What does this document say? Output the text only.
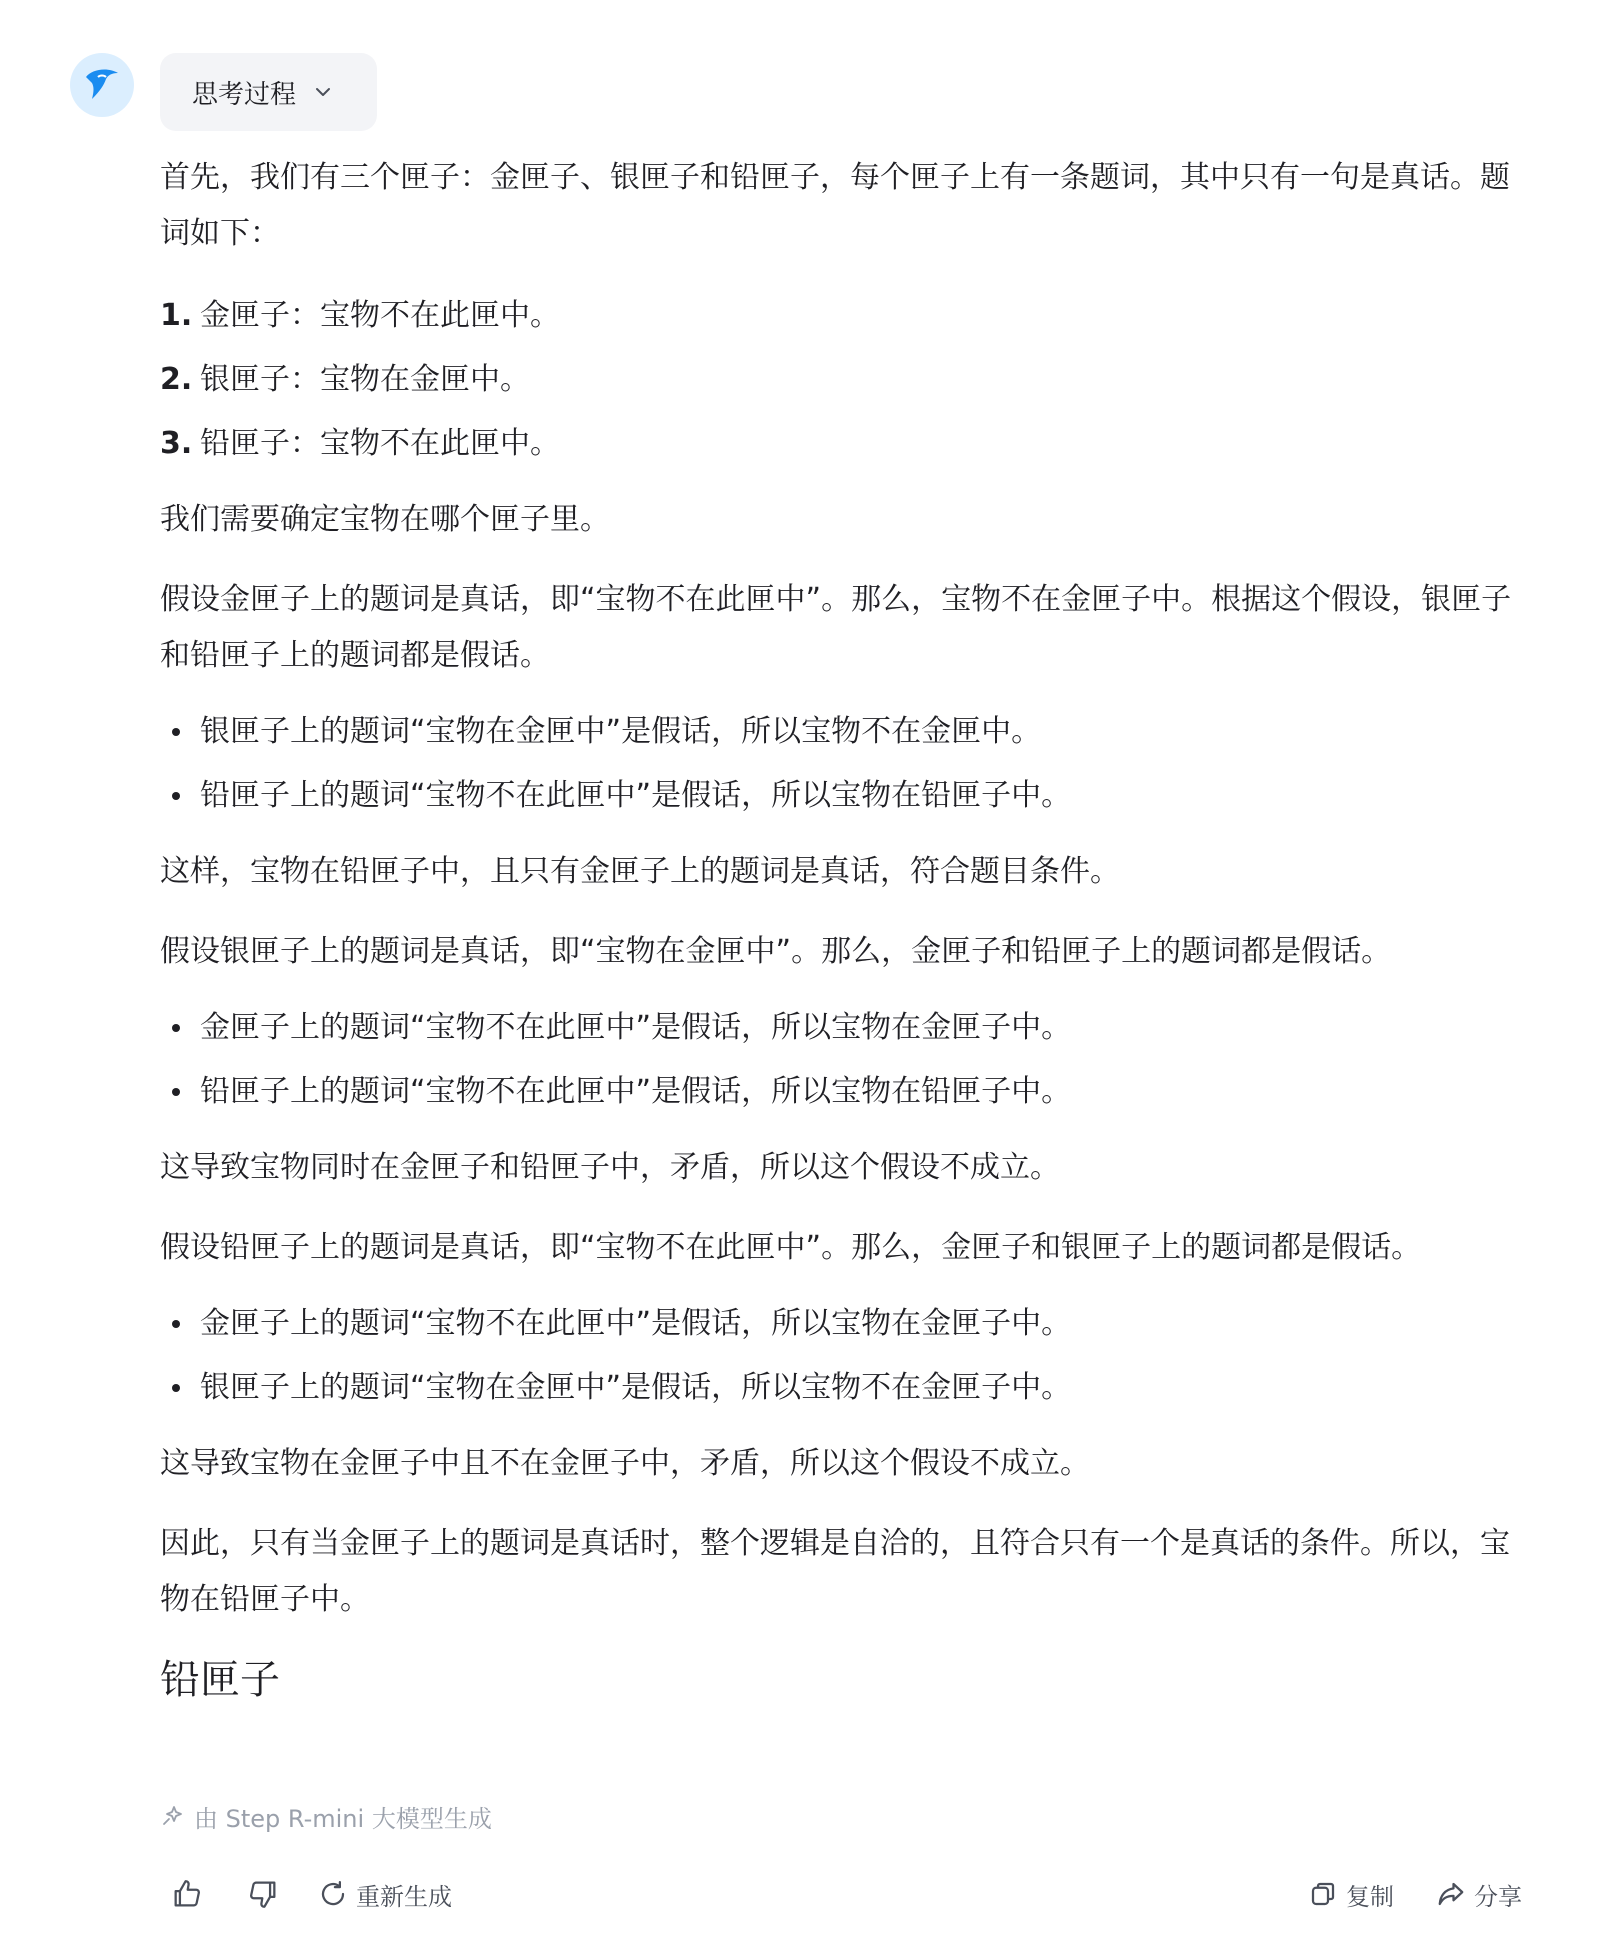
思考过程

首先，我们有三个匣子：金匣子、银匣子和铅匣子，每个匣子上有一条题词，其中只有一句是真话。题词如下：

1. 金匣子：宝物不在此匣中。
2. 银匣子：宝物在金匣中。
3. 铅匣子：宝物不在此匣中。

我们需要确定宝物在哪个匣子里。

假设金匣子上的题词是真话，即“宝物不在此匣中”。那么，宝物不在金匣子中。根据这个假设，银匣子和铅匣子上的题词都是假话。

银匣子上的题词“宝物在金匣中”是假话，所以宝物不在金匣中。
铅匣子上的题词“宝物不在此匣中”是假话，所以宝物在铅匣子中。

这样，宝物在铅匣子中，且只有金匣子上的题词是真话，符合题目条件。

假设银匣子上的题词是真话，即“宝物在金匣中”。那么，金匣子和铅匣子上的题词都是假话。

金匣子上的题词“宝物不在此匣中”是假话，所以宝物在金匣子中。
铅匣子上的题词“宝物不在此匣中”是假话，所以宝物在铅匣子中。

这导致宝物同时在金匣子和铅匣子中，矛盾，所以这个假设不成立。

假设铅匣子上的题词是真话，即“宝物不在此匣中”。那么，金匣子和银匣子上的题词都是假话。

金匣子上的题词“宝物不在此匣中”是假话，所以宝物在金匣子中。
银匣子上的题词“宝物在金匣中”是假话，所以宝物不在金匣子中。

这导致宝物在金匣子中且不在金匣子中，矛盾，所以这个假设不成立。

因此，只有当金匣子上的题词是真话时，整个逻辑是自洽的，且符合只有一个是真话的条件。所以，宝物在铅匣子中。

铅匣子

由 Step R-mini 大模型生成
重新生成	复制	分享
